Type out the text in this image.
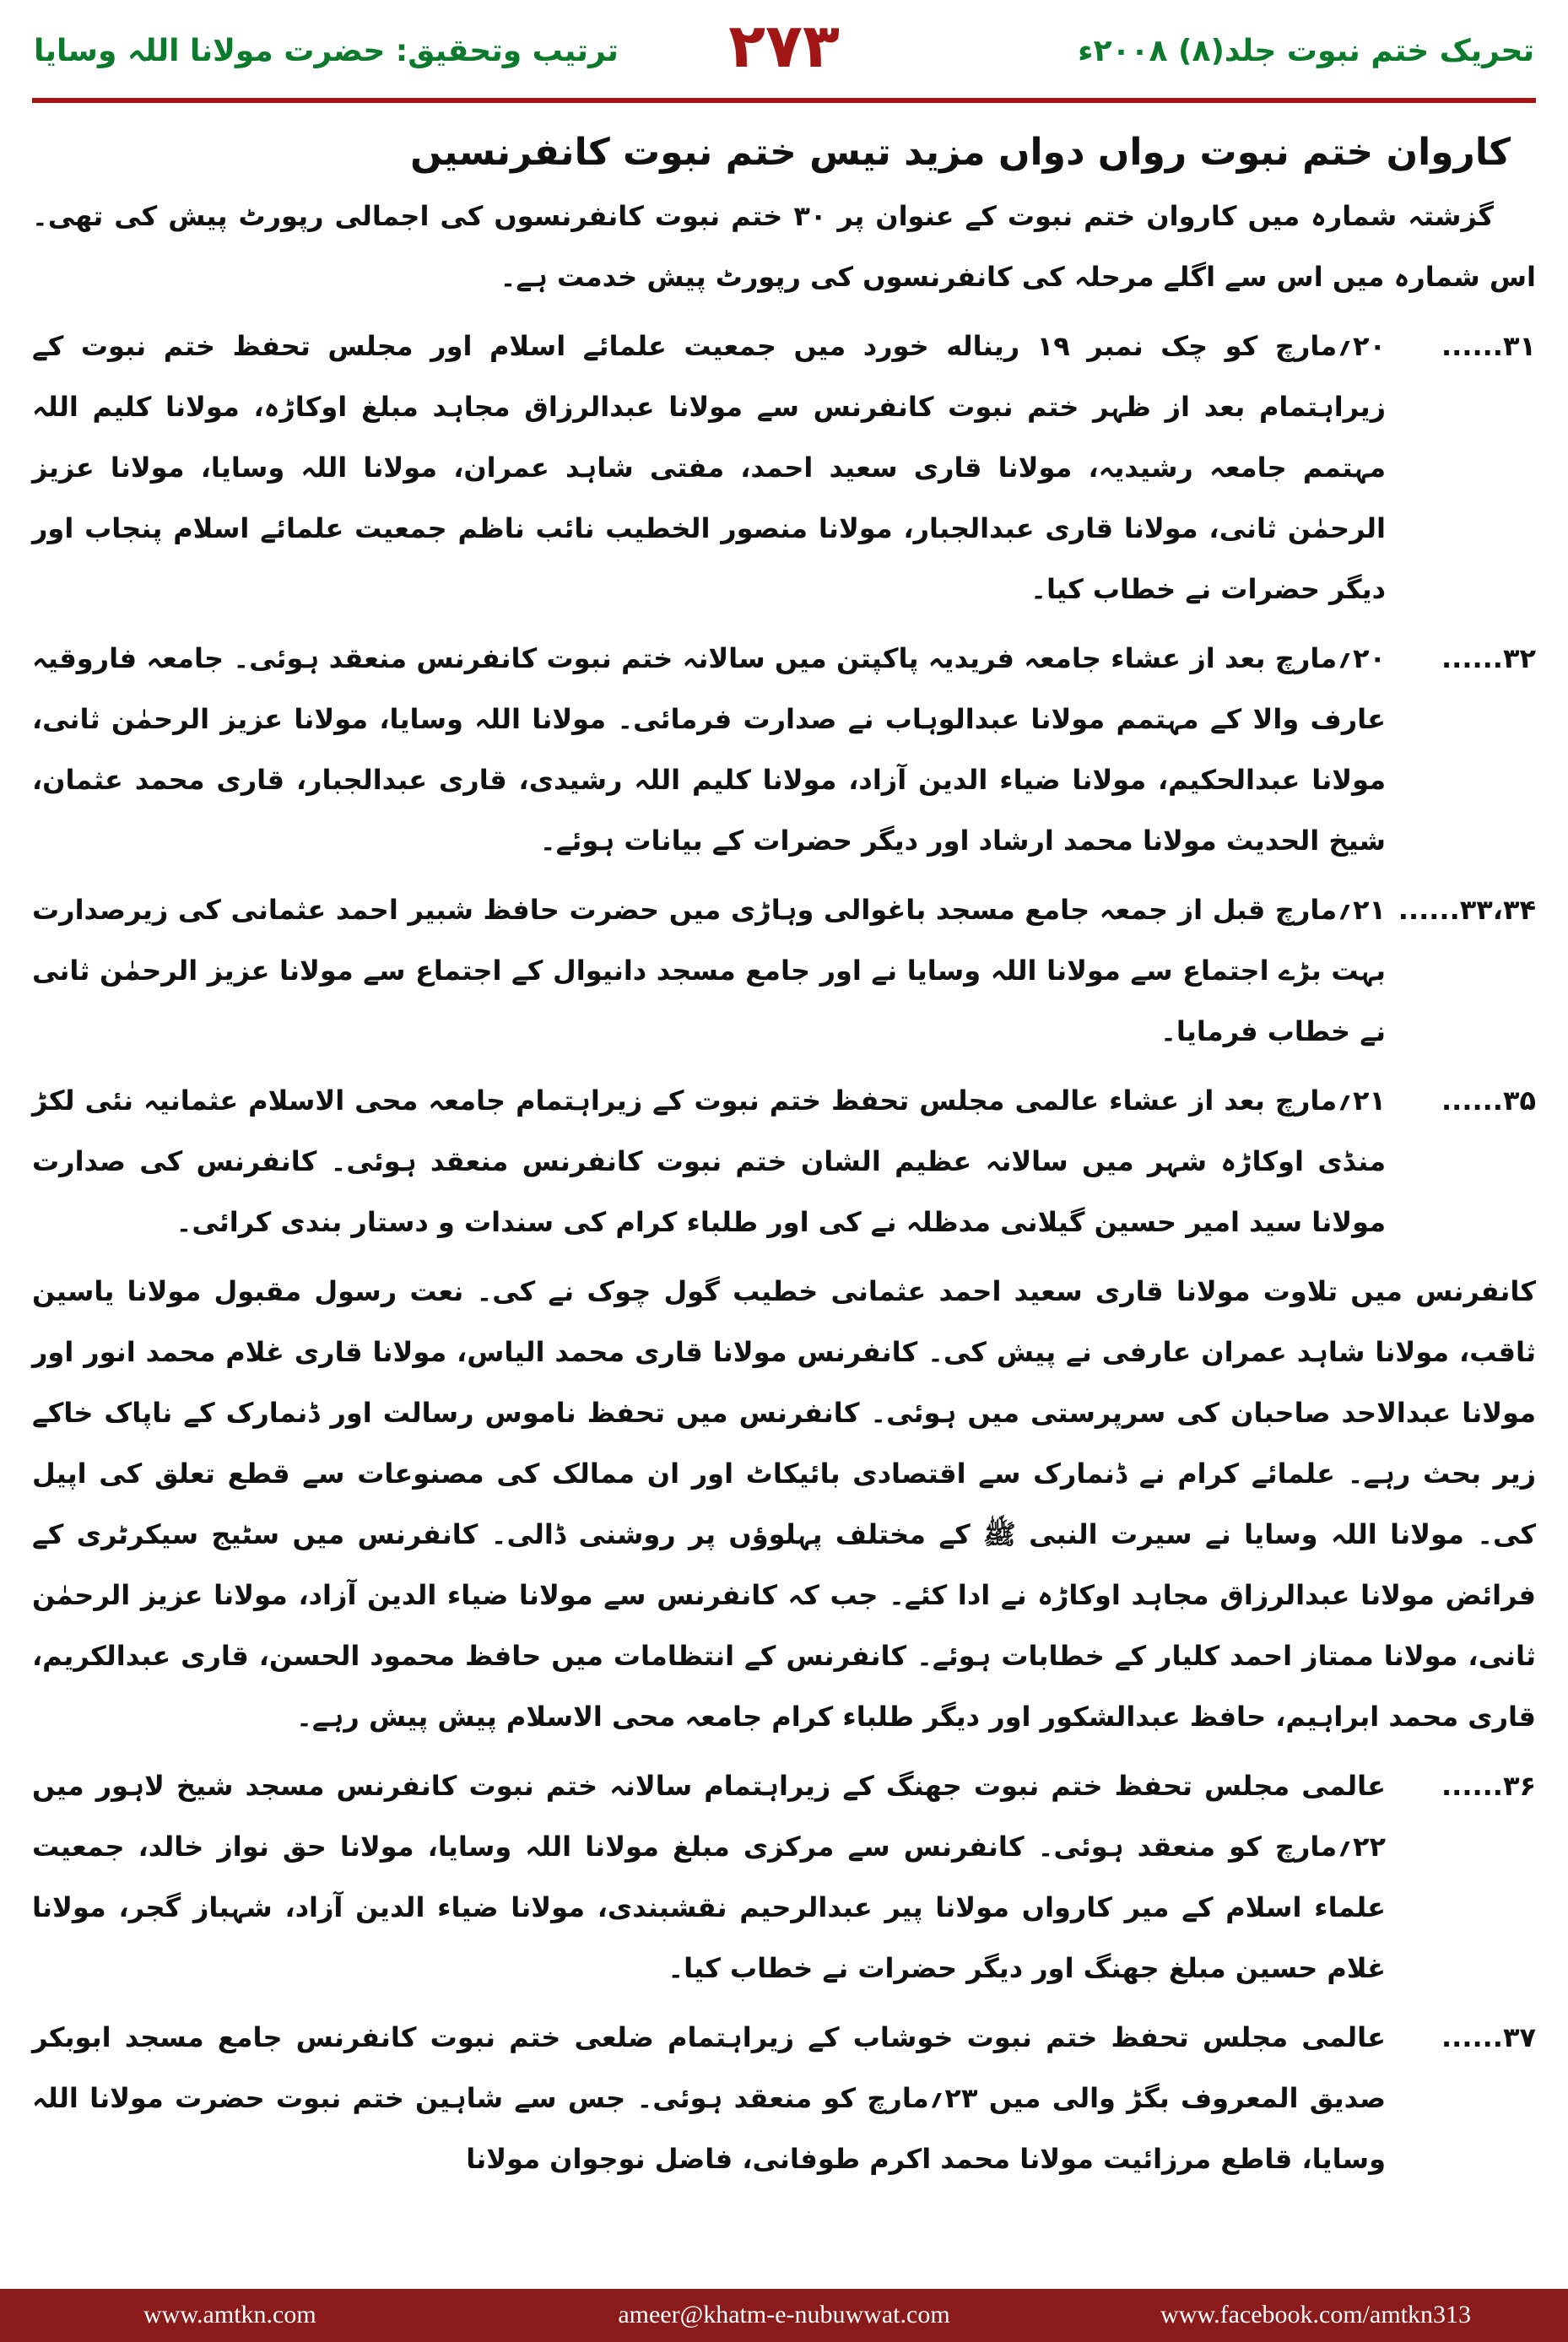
تحریک ختم نبوت جلد(۸) ۲۰۰۸ء
۲۷۳
ترتیب وتحقیق: حضرت مولانا اللہ وسایا
کاروان ختم نبوت رواں دواں مزید تیس ختم نبوت کانفرنسیں

گزشتہ شمارہ میں کاروان ختم نبوت کے عنوان پر ۳۰ ختم نبوت کانفرنسوں کی اجمالی رپورٹ پیش کی تھی۔ اس شمارہ میں اس سے اگلے مرحلہ کی کانفرنسوں کی رپورٹ پیش خدمت ہے۔

۳۱......

۲۰؍مارچ کو چک نمبر ۱۹ ریناله خورد میں جمعیت علمائے اسلام اور مجلس تحفظ ختم نبوت کے زیراہتمام بعد از ظہر ختم نبوت کانفرنس سے مولانا عبدالرزاق مجاہد مبلغ اوکاڑہ، مولانا کلیم اللہ مہتمم جامعہ رشیدیہ، مولانا قاری سعید احمد، مفتی شاہد عمران، مولانا اللہ وسایا، مولانا عزیز الرحمٰن ثانی، مولانا قاری عبدالجبار، مولانا منصور الخطیب نائب ناظم جمعیت علمائے اسلام پنجاب اور دیگر حضرات نے خطاب کیا۔

۳۲......

۲۰؍مارچ بعد از عشاء جامعہ فریدیہ پاکپتن میں سالانہ ختم نبوت کانفرنس منعقد ہوئی۔ جامعہ فاروقیہ عارف والا کے مہتمم مولانا عبدالوہاب نے صدارت فرمائی۔ مولانا اللہ وسایا، مولانا عزیز الرحمٰن ثانی، مولانا عبدالحکیم، مولانا ضیاء الدین آزاد، مولانا کلیم اللہ رشیدی، قاری عبدالجبار، قاری محمد عثمان، شیخ الحدیث مولانا محمد ارشاد اور دیگر حضرات کے بیانات ہوئے۔

۳۳،۳۴......

۲۱؍مارچ قبل از جمعہ جامع مسجد باغوالی وہاڑی میں حضرت حافظ شبیر احمد عثمانی کی زیرصدارت بہت بڑے اجتماع سے مولانا اللہ وسایا نے اور جامع مسجد دانیوال کے اجتماع سے مولانا عزیز الرحمٰن ثانی نے خطاب فرمایا۔

۳۵......

۲۱؍مارچ بعد از عشاء عالمی مجلس تحفظ ختم نبوت کے زیراہتمام جامعہ محی الاسلام عثمانیہ نئی لکڑ منڈی اوکاڑہ شہر میں سالانہ عظیم الشان ختم نبوت کانفرنس منعقد ہوئی۔ کانفرنس کی صدارت مولانا سید امیر حسین گیلانی مدظلہ نے کی اور طلباء کرام کی سندات و دستار بندی کرائی۔

کانفرنس میں تلاوت مولانا قاری سعید احمد عثمانی خطیب گول چوک نے کی۔ نعت رسول مقبول مولانا یاسین ثاقب، مولانا شاہد عمران عارفی نے پیش کی۔ کانفرنس مولانا قاری محمد الیاس، مولانا قاری غلام محمد انور اور مولانا عبدالاحد صاحبان کی سرپرستی میں ہوئی۔ کانفرنس میں تحفظ ناموس رسالت اور ڈنمارک کے ناپاک خاکے زیر بحث رہے۔ علمائے کرام نے ڈنمارک سے اقتصادی بائیکاٹ اور ان ممالک کی مصنوعات سے قطع تعلق کی اپیل کی۔ مولانا اللہ وسایا نے سیرت النبی ﷺ کے مختلف پہلوؤں پر روشنی ڈالی۔ کانفرنس میں سٹیج سیکرٹری کے فرائض مولانا عبدالرزاق مجاہد اوکاڑہ نے ادا کئے۔ جب کہ کانفرنس سے مولانا ضیاء الدین آزاد، مولانا عزیز الرحمٰن ثانی، مولانا ممتاز احمد کلیار کے خطابات ہوئے۔ کانفرنس کے انتظامات میں حافظ محمود الحسن، قاری عبدالکریم، قاری محمد ابراہیم، حافظ عبدالشکور اور دیگر طلباء کرام جامعہ محی الاسلام پیش پیش رہے۔

۳۶......

عالمی مجلس تحفظ ختم نبوت جھنگ کے زیراہتمام سالانہ ختم نبوت کانفرنس مسجد شیخ لاہور میں ۲۲؍مارچ کو منعقد ہوئی۔ کانفرنس سے مرکزی مبلغ مولانا اللہ وسایا، مولانا حق نواز خالد، جمعیت علماء اسلام کے میر کارواں مولانا پیر عبدالرحیم نقشبندی، مولانا ضیاء الدین آزاد، شہباز گجر، مولانا غلام حسین مبلغ جھنگ اور دیگر حضرات نے خطاب کیا۔

۳۷......

عالمی مجلس تحفظ ختم نبوت خوشاب کے زیراہتمام ضلعی ختم نبوت کانفرنس جامع مسجد ابوبکر صدیق المعروف بگڑ والی میں ۲۳؍مارچ کو منعقد ہوئی۔ جس سے شاہین ختم نبوت حضرت مولانا اللہ وسایا، قاطع مرزائیت مولانا محمد اکرم طوفانی، فاضل نوجوان مولانا

www.amtkn.com	ameer@khatm-e-nubuwwat.com	www.facebook.com/amtkn313
